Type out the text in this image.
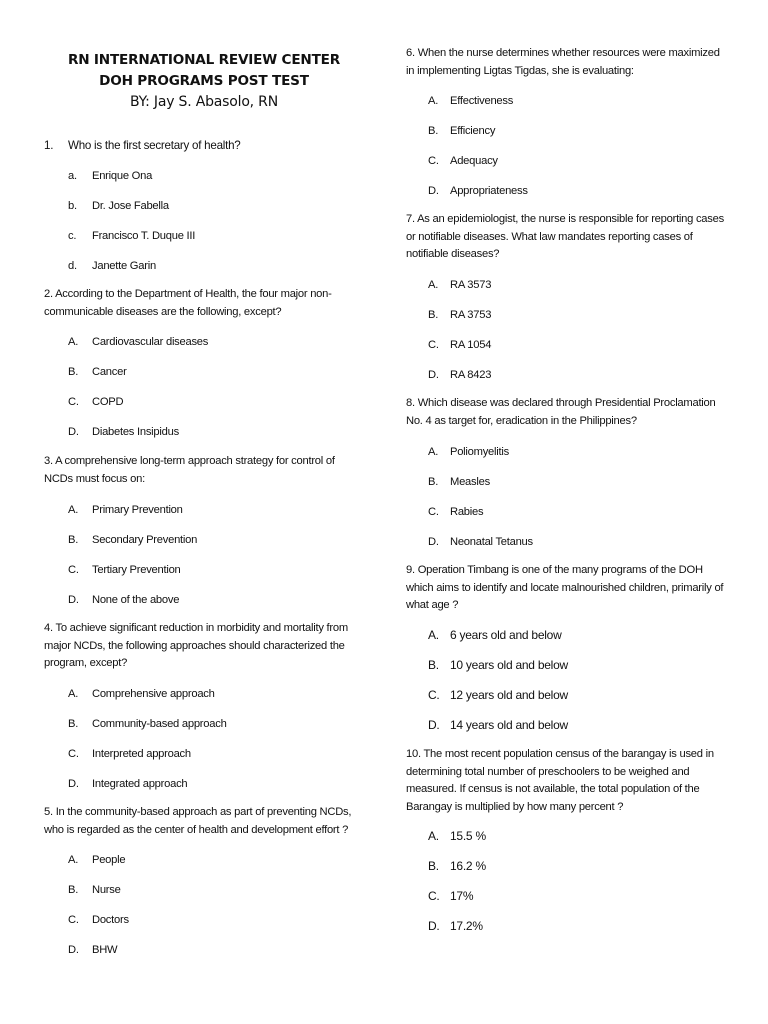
RN INTERNATIONAL REVIEW CENTER
DOH PROGRAMS POST TEST
BY: Jay S. Abasolo, RN
1. Who is the first secretary of health?
a. Enrique Ona
b. Dr. Jose Fabella
c. Francisco T. Duque III
d. Janette Garin
2. According to the Department of Health, the four major non-communicable diseases are the following, except?
A. Cardiovascular diseases
B. Cancer
C. COPD
D. Diabetes Insipidus
3. A comprehensive long-term approach strategy for control of NCDs must focus on:
A. Primary Prevention
B. Secondary Prevention
C. Tertiary Prevention
D. None of the above
4. To achieve significant reduction in morbidity and mortality from major NCDs, the following approaches should characterized the program, except?
A. Comprehensive approach
B. Community-based approach
C. Interpreted approach
D. Integrated approach
5. In the community-based approach as part of preventing NCDs, who is regarded as the center of health and development effort ?
A. People
B. Nurse
C. Doctors
D. BHW
6. When the nurse determines whether resources were maximized in implementing Ligtas Tigdas, she is evaluating:
A. Effectiveness
B. Efficiency
C. Adequacy
D. Appropriateness
7. As an epidemiologist, the nurse is responsible for reporting cases or notifiable diseases. What law mandates reporting cases of notifiable diseases?
A. RA 3573
B. RA 3753
C. RA 1054
D. RA 8423
8. Which disease was declared through Presidential Proclamation No. 4 as target for, eradication in the Philippines?
A. Poliomyelitis
B. Measles
C. Rabies
D. Neonatal Tetanus
9. Operation Timbang is one of the many programs of the DOH which aims to identify and locate malnourished children, primarily of what age ?
A. 6 years old and below
B. 10 years old and below
C. 12 years old and below
D. 14 years old and below
10. The most recent population census of the barangay is used in determining total number of preschoolers to be weighed and measured. If census is not available, the total population of the Barangay is multiplied by how many percent ?
A. 15.5 %
B. 16.2 %
C. 17%
D. 17.2%
